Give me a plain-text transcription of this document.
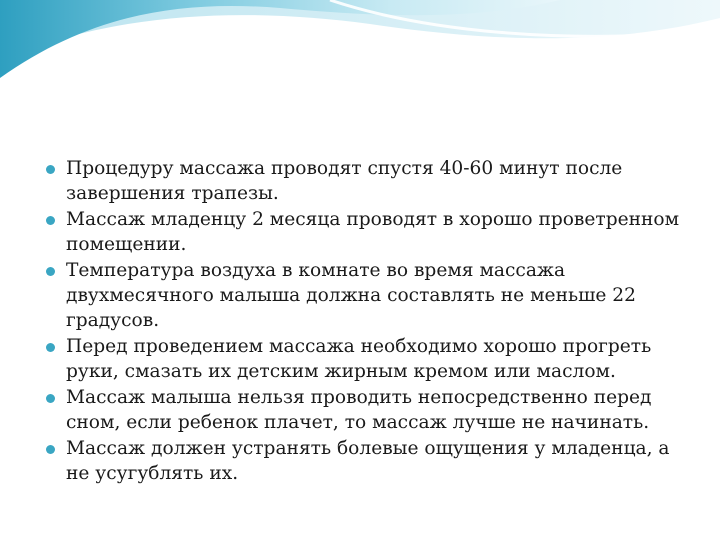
Процедуру массажа проводят спустя 40-60 минут после завершения трапезы.
Массаж младенцу 2 месяца проводят в хорошо проветренном помещении.
Температура воздуха в комнате во время массажа двухмесячного малыша должна составлять не меньше 22 градусов.
Перед проведением массажа необходимо хорошо прогреть руки, смазать их детским жирным кремом или маслом.
Массаж малыша нельзя проводить непосредственно перед сном, если ребенок плачет, то массаж лучше не начинать.
Массаж должен устранять болевые ощущения у младенца, а не усугублять их.
